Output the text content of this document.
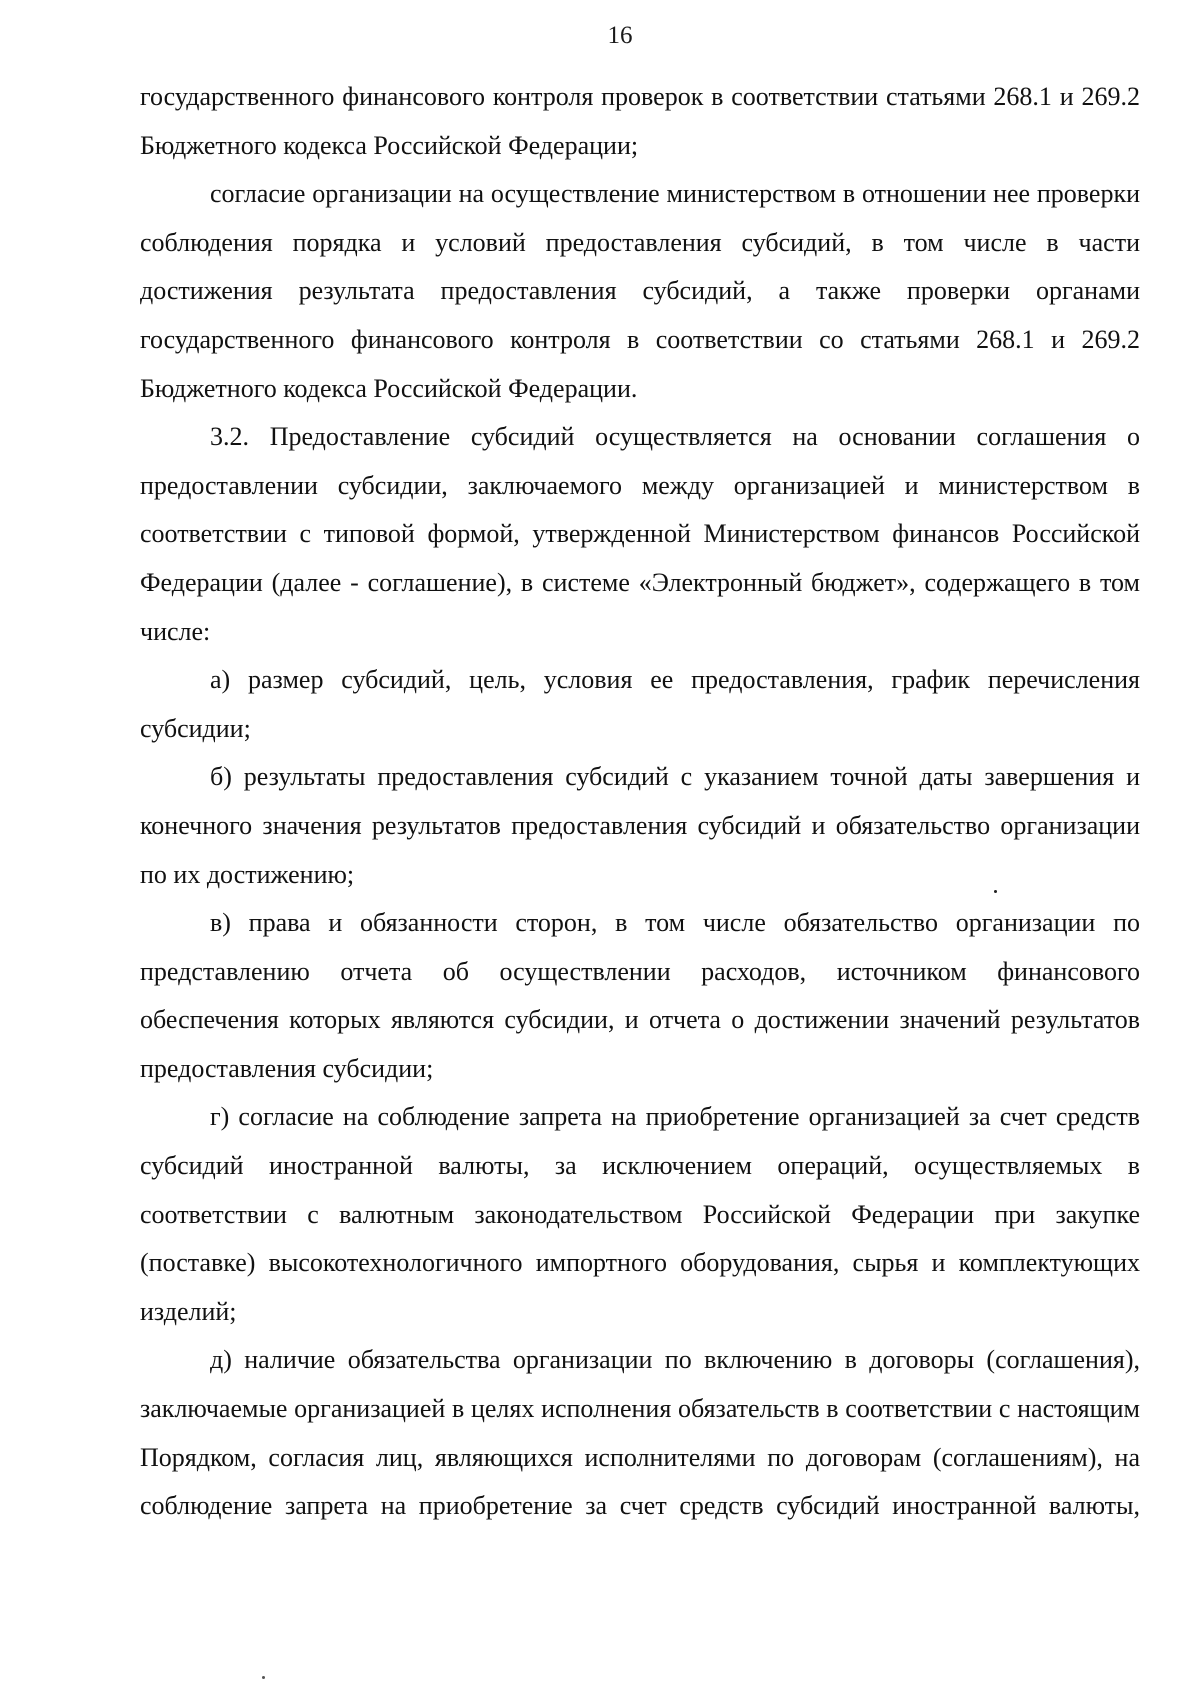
16

государственного финансового контроля проверок в соответствии статьями 268.1 и 269.2 Бюджетного кодекса Российской Федерации;

согласие организации на осуществление министерством в отношении нее проверки соблюдения порядка и условий предоставления субсидий, в том числе в части достижения результата предоставления субсидий, а также проверки органами государственного финансового контроля в соответствии со статьями 268.1 и 269.2 Бюджетного кодекса Российской Федерации.

3.2. Предоставление субсидий осуществляется на основании соглашения о предоставлении субсидии, заключаемого между организацией и министерством в соответствии с типовой формой, утвержденной Министерством финансов Российской Федерации (далее - соглашение), в системе «Электронный бюджет», содержащего в том числе:

а) размер субсидий, цель, условия ее предоставления, график перечисления субсидии;

б) результаты предоставления субсидий с указанием точной даты завершения и конечного значения результатов предоставления субсидий и обязательство организации по их достижению;

в) права и обязанности сторон, в том числе обязательство организации по представлению отчета об осуществлении расходов, источником финансового обеспечения которых являются субсидии, и отчета о достижении значений результатов предоставления субсидии;

г) согласие на соблюдение запрета на приобретение организацией за счет средств субсидий иностранной валюты, за исключением операций, осуществляемых в соответствии с валютным законодательством Российской Федерации при закупке (поставке) высокотехнологичного импортного оборудования, сырья и комплектующих изделий;

д) наличие обязательства организации по включению в договоры (соглашения), заключаемые организацией в целях исполнения обязательств в соответствии с настоящим Порядком, согласия лиц, являющихся исполнителями по договорам (соглашениям), на соблюдение запрета на приобретение за счет средств субсидий иностранной валюты,
